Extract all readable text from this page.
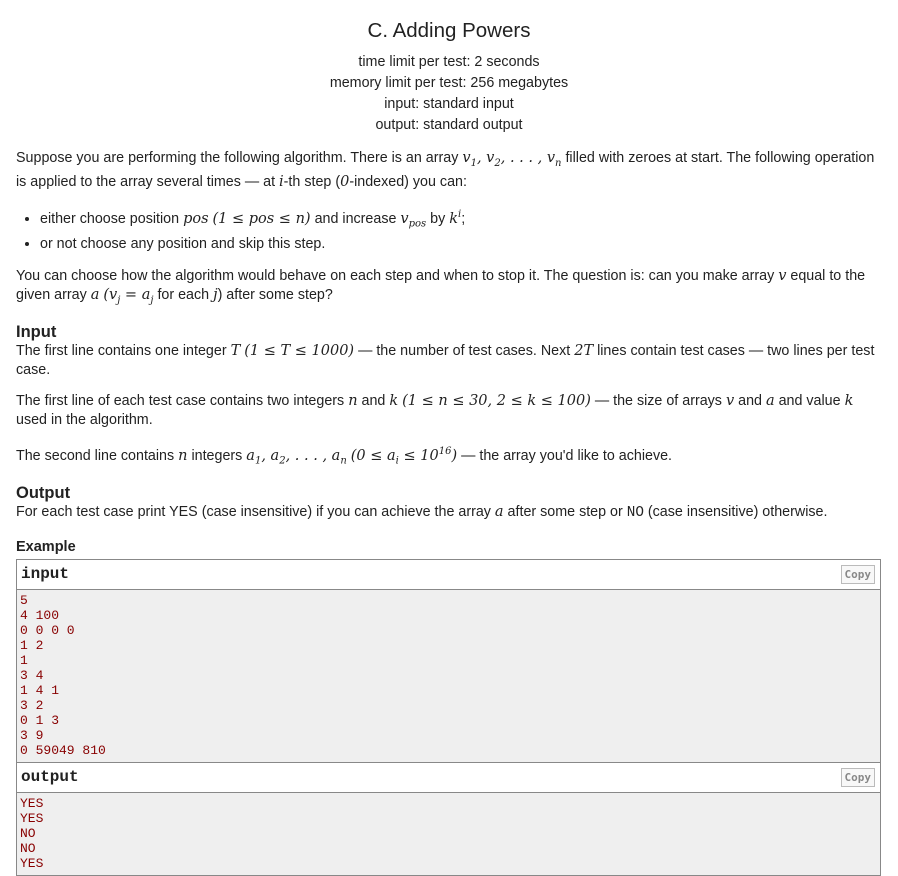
C. Adding Powers
time limit per test: 2 seconds
memory limit per test: 256 megabytes
input: standard input
output: standard output

Suppose you are performing the following algorithm. There is an array $v_1$, $v_2$, . . . , $v_n$ filled with zeroes at start. The following operation is applied to the array several times — at i-th step (0-indexed) you can:

• either choose position pos (1 ≤ pos ≤ n) and increase $v_{pos}$ by $k^i$;
• or not choose any position and skip this step.

You can choose how the algorithm would behave on each step and when to stop it. The question is: can you make array v equal to the given array a ($v_j = a_j$ for each j) after some step?

Input

The first line contains one integer T (1 ≤ T ≤ 1000) — the number of test cases. Next 2T lines contain test cases — two lines per test case.

The first line of each test case contains two integers n and k (1 ≤ n ≤ 30, 2 ≤ k ≤ 100) — the size of arrays v and a and value k used in the algorithm.

The second line contains n integers $a_1$, $a_2$, . . . , $a_n$ $(0 \le a_i \le 10^{16})$ — the array you'd like to achieve.

Output

For each test case print YES (case insensitive) if you can achieve the array a after some step or NO (case insensitive) otherwise.

Example
input	Copy
5
4 100
0 0 0 0
1 2
1
3 4
1 4 1
3 2
0 1 3
3 9
0 59049 810
output	Copy
YES
YES
NO
NO
YES
